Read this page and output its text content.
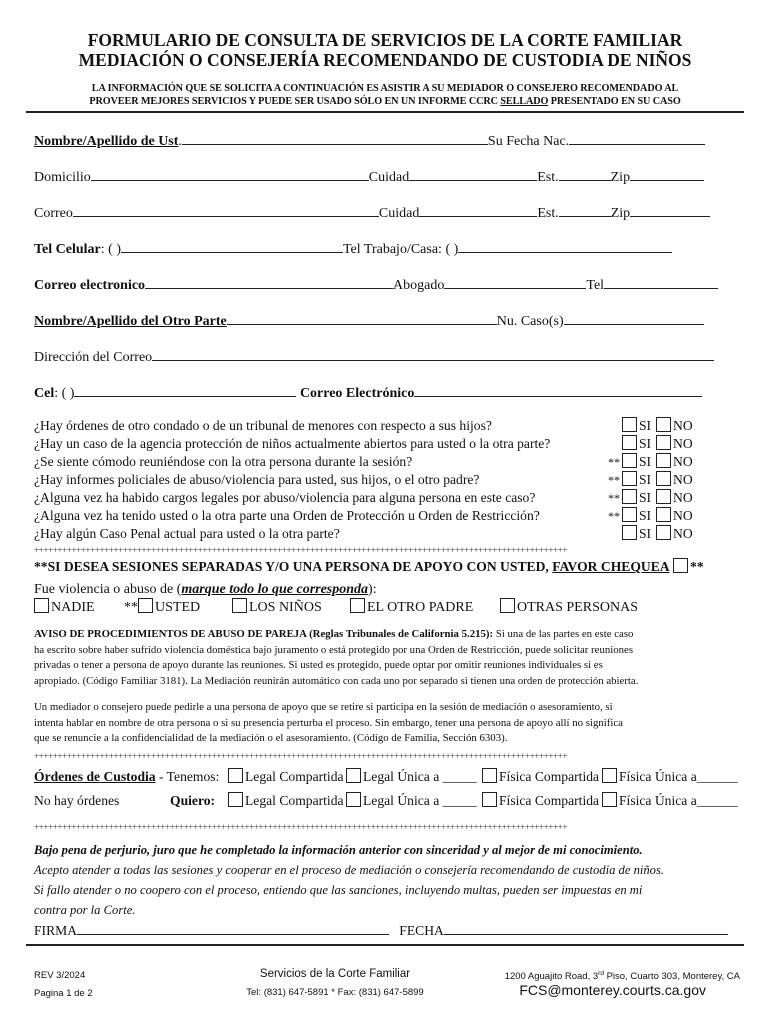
FORMULARIO DE CONSULTA DE SERVICIOS DE LA CORTE FAMILIAR
MEDIACIÓN O CONSEJERÍA RECOMENDANDO DE CUSTODIA DE NIÑOS
LA INFORMACIÓN QUE SE SOLICITA A CONTINUACIÓN ES ASISTIR A SU MEDIADOR O CONSEJERO RECOMENDADO AL
PROVEER MEJORES SERVICIOS Y PUEDE SER USADO SÓLO EN UN INFORME CCRC SELLADO PRESENTADO EN SU CASO
Nombre/Apellido de Ust.	Su Fecha Nac.
Domicilio	Cuidad	Est.	Zip
Correo	Cuidad	Est.	Zip
Tel Celular: ( )	Tel Trabajo/Casa: ( )
Correo electronico	Abogado	Tel
Nombre/Apellido del Otro Parte	Nu. Caso(s)
Dirección del Correo
Cel: ( )	Correo Electrónico
¿Hay órdenes de otro condado o de un tribunal de menores con respecto a sus hijos?	SI	NO
¿Hay un caso de la agencia protección de niños actualmente abiertos para usted o la otra parte?	SI	NO
¿Se siente cómodo reuniéndose con la otra persona durante la sesión?	**	SI	NO
¿Hay informes policiales de abuso/violencia para usted, sus hijos, o el otro padre?	**	SI	NO
¿Alguna vez ha habido cargos legales por abuso/violencia para alguna persona en este caso?	**	SI	NO
¿Alguna vez ha tenido usted o la otra parte una Orden de Protección u Orden de Restricción?	**	SI	NO
¿Hay algún Caso Penal actual para usted o la otra parte?	SI	NO
++++++++++++++++++++++++++++++++++++++++++++++++++++++++++++++++++++++++++++++++++++++++++++++++++++++++++++++++++
**SI DESEA SESIONES SEPARADAS Y/O UNA PERSONA DE APOYO CON USTED, FAVOR CHEQUEA **
Fue violencia o abuso de (marque todo lo que corresponda):
NADIE ** USTED	LOS NIÑOS	EL OTRO PADRE	OTRAS PERSONAS
AVISO DE PROCEDIMIENTOS DE ABUSO DE PAREJA (Reglas Tribunales de California 5.215): Si una de las partes en este caso
ha escrito sobre haber sufrido violencia doméstica bajo juramento o está protegido por una Orden de Restricción, puede solicitar reuniones
privadas o tener a persona de apoyo durante las reuniones. Si usted es protegido, puede optar por omitir reuniones individuales si es
apropiado. (Código Familiar 3181). La Mediación reunirán automático con cada uno por separado si tienen una orden de protección abierta.
Un mediador o consejero puede pedirle a una persona de apoyo que se retire si participa en la sesión de mediación o asesoramiento, si
intenta hablar en nombre de otra persona o si su presencia perturba el proceso. Sin embargo, tener una persona de apoyo allí no significa
que se renuncie a la confidencialidad de la mediación o el asesoramiento. (Código de Familia, Sección 6303).
++++++++++++++++++++++++++++++++++++++++++++++++++++++++++++++++++++++++++++++++++++++++++++++++++++++++++++++++++
Órdenes de Custodia - Tenemos:	Legal Compartida	Legal Única a _____	Física Compartida	Física Única a______
No hay órdenes	Quiero:	Legal Compartida	Legal Única a _____	Física Compartida	Física Única a______
++++++++++++++++++++++++++++++++++++++++++++++++++++++++++++++++++++++++++++++++++++++++++++++++++++++++++++++++++
Bajo pena de perjurio, juro que he completado la información anterior con sinceridad y al mejor de mi conocimiento.
Acepto atender a todas las sesiones y cooperar en el proceso de mediación o consejería recomendando de custodia de niños.
Si fallo atender o no coopero con el proceso, entiendo que las sanciones, incluyendo multas, pueden ser impuestas en mi
contra por la Corte.
FIRMA	FECHA
REV 3/2024
Pagina 1 de 2
Servicios de la Corte Familiar
Tel: (831) 647-5891 * Fax: (831) 647-5899
1200 Aguajito Road, 3rd Piso, Cuarto 303, Monterey, CA
FCS@monterey.courts.ca.gov
